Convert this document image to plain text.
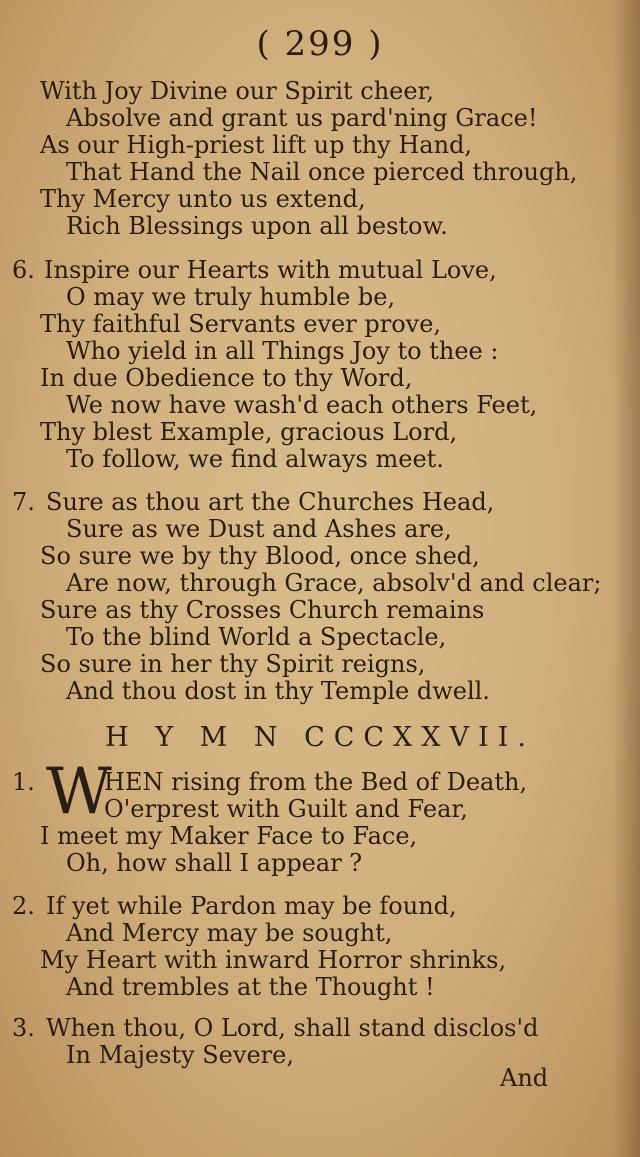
( 299 )
With Joy Divine our Spirit cheer,
Absolve and grant us pard'ning Grace!
As our High-priest lift up thy Hand,
That Hand the Nail once pierced through,
Thy Mercy unto us extend,
Rich Blessings upon all bestow.
6. Inspire our Hearts with mutual Love,
O may we truly humble be,
Thy faithful Servants ever prove,
Who yield in all Things Joy to thee :
In due Obedience to thy Word,
We now have wash'd each others Feet,
Thy blest Example, gracious Lord,
To follow, we find always meet.
7. Sure as thou art the Churches Head,
Sure as we Dust and Ashes are,
So sure we by thy Blood, once shed,
Are now, through Grace, absolv'd and clear;
Sure as thy Crosses Church remains
To the blind World a Spectacle,
So sure in her thy Spirit reigns,
And thou dost in thy Temple dwell.
H Y M N CCCXXVII.
1. W
HEN rising from the Bed of Death,
O'erprest with Guilt and Fear,
I meet my Maker Face to Face,
Oh, how shall I appear ?
2. If yet while Pardon may be found,
And Mercy may be sought,
My Heart with inward Horror shrinks,
And trembles at the Thought !
3. When thou, O Lord, shall stand disclos'd
In Majesty Severe,
And
